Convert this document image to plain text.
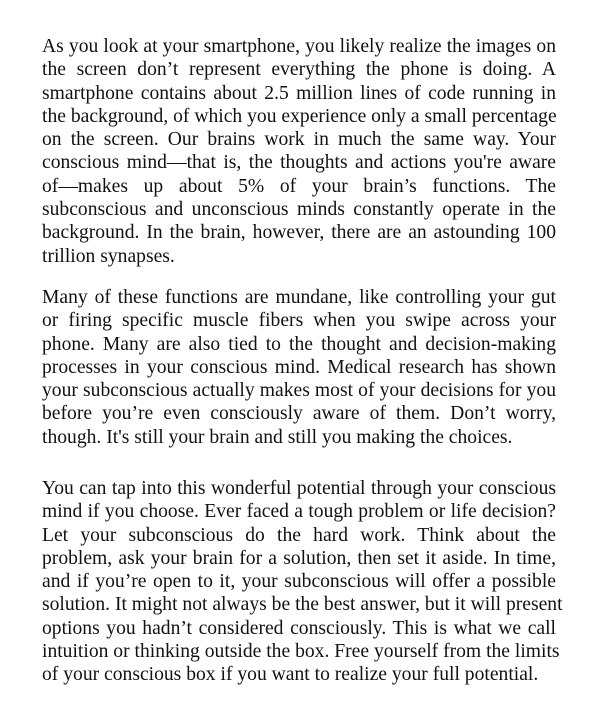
As you look at your smartphone, you likely realize the images on
the screen don’t represent everything the phone is doing. A
smartphone contains about 2.5 million lines of code running in
the background, of which you experience only a small percentage
on the screen. Our brains work in much the same way. Your
conscious mind—that is, the thoughts and actions you're aware
of—makes up about 5% of your brain’s functions. The
subconscious and unconscious minds constantly operate in the
background. In the brain, however, there are an astounding 100
trillion synapses.
Many of these functions are mundane, like controlling your gut
or firing specific muscle fibers when you swipe across your
phone. Many are also tied to the thought and decision-making
processes in your conscious mind. Medical research has shown
your subconscious actually makes most of your decisions for you
before you’re even consciously aware of them. Don’t worry,
though. It's still your brain and still you making the choices.
You can tap into this wonderful potential through your conscious
mind if you choose. Ever faced a tough problem or life decision?
Let your subconscious do the hard work. Think about the
problem, ask your brain for a solution, then set it aside. In time,
and if you’re open to it, your subconscious will offer a possible
solution. It might not always be the best answer, but it will present
options you hadn’t considered consciously. This is what we call
intuition or thinking outside the box. Free yourself from the limits
of your conscious box if you want to realize your full potential.
